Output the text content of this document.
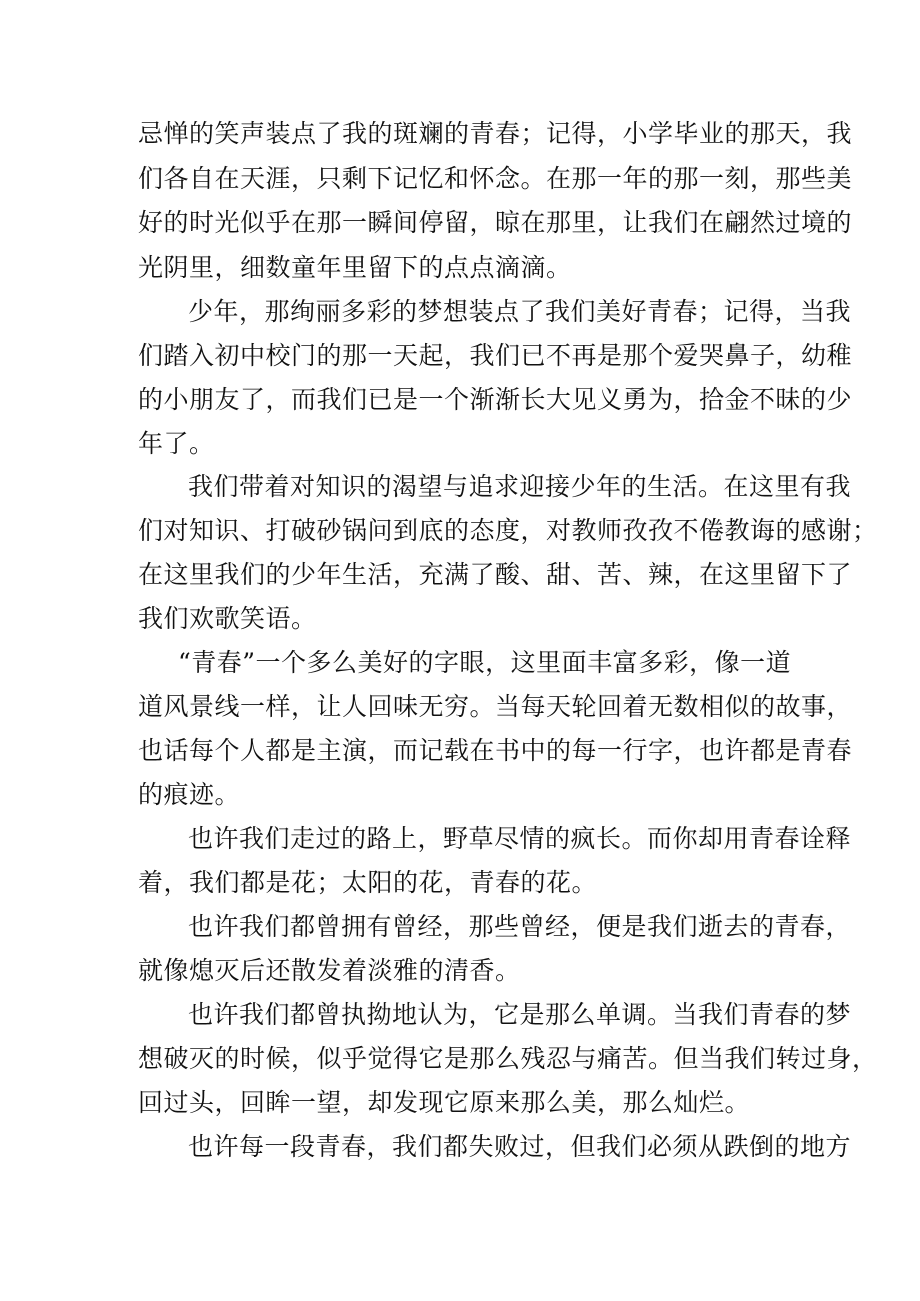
忌惮的笑声装点了我的斑斓的青春；记得，小学毕业的那天，我
们各自在天涯，只剩下记忆和怀念。在那一年的那一刻，那些美
好的时光似乎在那一瞬间停留，晾在那里，让我们在翩然过境的
光阴里，细数童年里留下的点点滴滴。
少年，那绚丽多彩的梦想装点了我们美好青春；记得，当我
们踏入初中校门的那一天起，我们已不再是那个爱哭鼻子，幼稚
的小朋友了，而我们已是一个渐渐长大见义勇为，拾金不昧的少
年了。
我们带着对知识的渴望与追求迎接少年的生活。在这里有我
们对知识、打破砂锅问到底的态度，对教师孜孜不倦教诲的感谢；
在这里我们的少年生活，充满了酸、甜、苦、辣，在这里留下了
我们欢歌笑语。
“青春”一个多么美好的字眼，这里面丰富多彩，像一道
道风景线一样，让人回味无穷。当每天轮回着无数相似的故事，
也话每个人都是主演，而记载在书中的每一行字，也许都是青春
的痕迹。
也许我们走过的路上，野草尽情的疯长。而你却用青春诠释
着，我们都是花；太阳的花，青春的花。
也许我们都曾拥有曾经，那些曾经，便是我们逝去的青春，
就像熄灭后还散发着淡雅的清香。
也许我们都曾执拗地认为，它是那么单调。当我们青春的梦
想破灭的时候，似乎觉得它是那么残忍与痛苦。但当我们转过身，
回过头，回眸一望，却发现它原来那么美，那么灿烂。
也许每一段青春，我们都失败过，但我们必须从跌倒的地方
